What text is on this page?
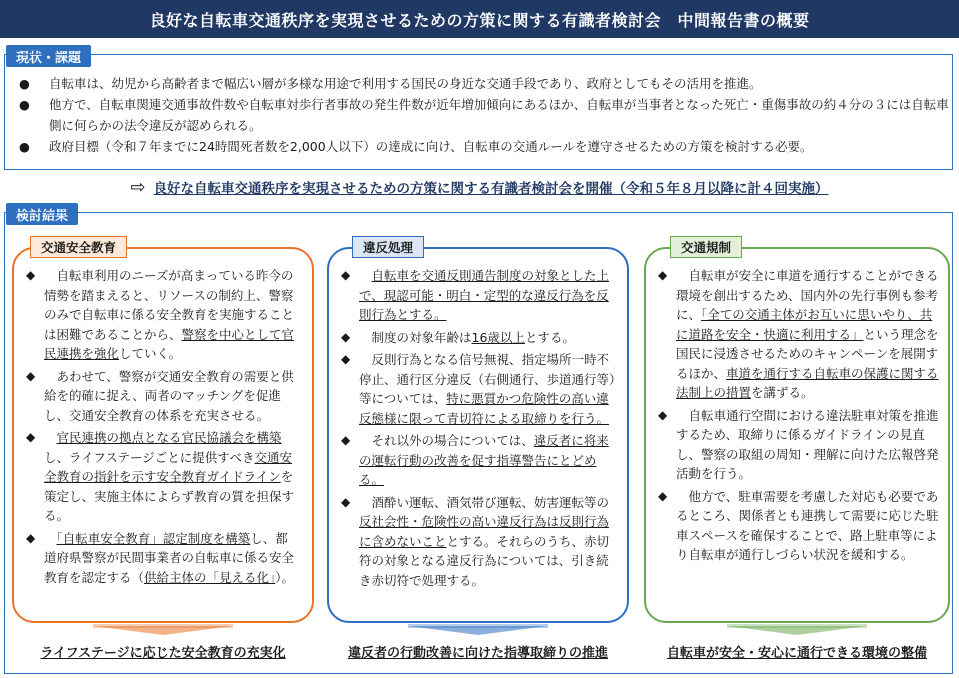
良好な自転車交通秩序を実現させるための方策に関する有識者検討会　中間報告書の概要
現状・課題
● 自転車は、幼児から高齢者まで幅広い層が多様な用途で利用する国民の身近な交通手段であり、政府としてもその活用を推進。
● 他方で、自転車関連交通事故件数や自転車対歩行者事故の発生件数が近年増加傾向にあるほか、自転車が当事者となった死亡・重傷事故の約４分の３には自転車側に何らかの法令違反が認められる。
● 政府目標（令和７年までに24時間死者数を2,000人以下）の達成に向け、自転車の交通ルールを遵守させるための方策を検討する必要。
⇨ 良好な自転車交通秩序を実現させるための方策に関する有識者検討会を開催（令和５年８月以降に計４回実施）
検討結果
交通安全教育
◆
　 自転車利用のニーズが高まっている昨今の情勢を踏まえると、リソースの制約上、警察のみで自転車に係る安全教育を実施することは困難であることから、警察を中心として官民連携を強化していく。
◆
　 あわせて、警察が交通安全教育の需要と供給を的確に捉え、両者のマッチングを促進し、交通安全教育の体系を充実させる。
◆
　 官民連携の拠点となる官民協議会を構築し、ライフステージごとに提供すべき交通安全教育の指針を示す安全教育ガイドラインを策定し、実施主体によらず教育の質を担保する。
◆
　 「自転車安全教育」認定制度を構築し、都道府県警察が民間事業者の自転車に係る安全教育を認定する（供給主体の「見える化」）。
ライフステージに応じた安全教育の充実化
違反処理
◆
　 自転車を交通反則通告制度の対象とした上で、現認可能・明白・定型的な違反行為を反則行為とする。
◆
　 制度の対象年齢は16歳以上とする。
◆
　 反則行為となる信号無視、指定場所一時不停止、通行区分違反（右側通行、歩道通行等）等については、特に悪質かつ危険性の高い違反態様に限って青切符による取締りを行う。
◆
　 それ以外の場合については、違反者に将来の運転行動の改善を促す指導警告にとどめる。
◆
　 酒酔い運転、酒気帯び運転、妨害運転等の反社会性・危険性の高い違反行為は反則行為に含めないこととする。それらのうち、赤切符の対象となる違反行為については、引き続き赤切符で処理する。
違反者の行動改善に向けた指導取締りの推進
交通規制
◆
　 自転車が安全に車道を通行することができる環境を創出するため、国内外の先行事例も参考に、「全ての交通主体がお互いに思いやり、共に道路を安全・快適に利用する」という理念を国民に浸透させるためのキャンペーンを展開するほか、車道を通行する自転車の保護に関する法制上の措置を講ずる。
◆
　 自転車通行空間における違法駐車対策を推進するため、取締りに係るガイドラインの見直し、警察の取組の周知・理解に向けた広報啓発活動を行う。
◆
　 他方で、駐車需要を考慮した対応も必要であるところ、関係者とも連携して需要に応じた駐車スペースを確保することで、路上駐車等により自転車が通行しづらい状況を緩和する。
自転車が安全・安心に通行できる環境の整備
